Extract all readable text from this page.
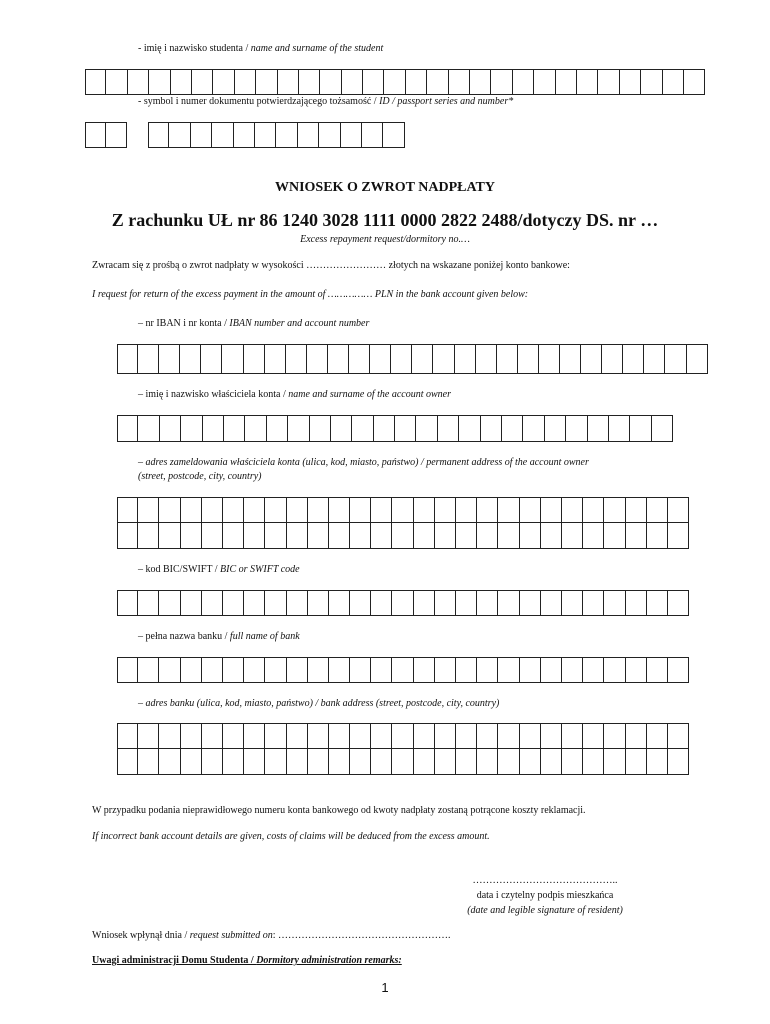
- imię i nazwisko studenta / name and surname of the student
- symbol i numer dokumentu potwierdzającego tożsamość / ID / passport series and number*
WNIOSEK O ZWROT NADPŁATY
Z rachunku UŁ nr 86 1240 3028 1111 0000 2822 2488/dotyczy DS. nr …
Excess repayment request/dormitory no.…
Zwracam się z prośbą o zwrot nadpłaty w wysokości …………………… złotych na wskazane poniżej konto bankowe:
I request for return of the excess payment in the amount of …………… PLN in the bank account given below:
– nr IBAN i nr konta / IBAN number and account number
– imię i nazwisko właściciela konta / name and surname of the account owner
– adres zameldowania właściciela konta (ulica, kod, miasto, państwo) / permanent address of the account owner
(street, postcode, city, country)
– kod BIC/SWIFT / BIC or SWIFT code
– pełna nazwa banku / full name of bank
– adres banku (ulica, kod, miasto, państwo) / bank address (street, postcode, city, country)
W przypadku podania nieprawidłowego numeru konta bankowego od kwoty nadpłaty zostaną potrącone koszty reklamacji.
If incorrect bank account details are given, costs of claims will be deduced from the excess amount.
……………………………………..
data i czytelny podpis mieszkańca
(date and legible signature of resident)
Wniosek wpłynął dnia / request submitted on: …………………………………………….
Uwagi administracji Domu Studenta / Dormitory administration remarks:
1
